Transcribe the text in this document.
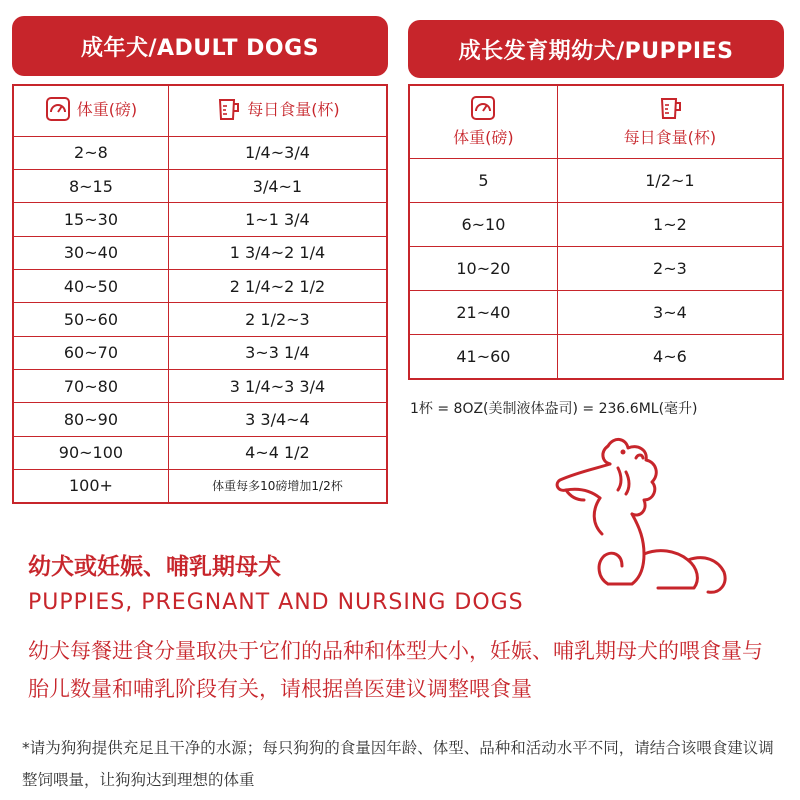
成年犬/ADULT DOGS
体重(磅)	每日食量(杯)

2~8	1/4~3/4
8~15	3/4~1
15~30	1~1 3/4
30~40	1 3/4~2 1/4
40~50	2 1/4~2 1/2
50~60	2 1/2~3
60~70	3~3 1/4
70~80	3 1/4~3 3/4
80~90	3 3/4~4
90~100	4~4 1/2
100+	体重每多10磅增加1/2杯
成长发育期幼犬/PUPPIES
体重(磅)	每日食量(杯)

5	1/2~1
6~10	1~2
10~20	2~3
21~40	3~4
41~60	4~6
1杯 = 8OZ(美制液体盎司) = 236.6ML(毫升)
幼犬或妊娠、哺乳期母犬
PUPPIES, PREGNANT AND NURSING DOGS
幼犬每餐进食分量取决于它们的品种和体型大小，妊娠、哺乳期母犬的喂食量与胎儿数量和哺乳阶段有关，请根据兽医建议调整喂食量
*请为狗狗提供充足且干净的水源；每只狗狗的食量因年龄、体型、品种和活动水平不同，请结合该喂食建议调整饲喂量，让狗狗达到理想的体重
